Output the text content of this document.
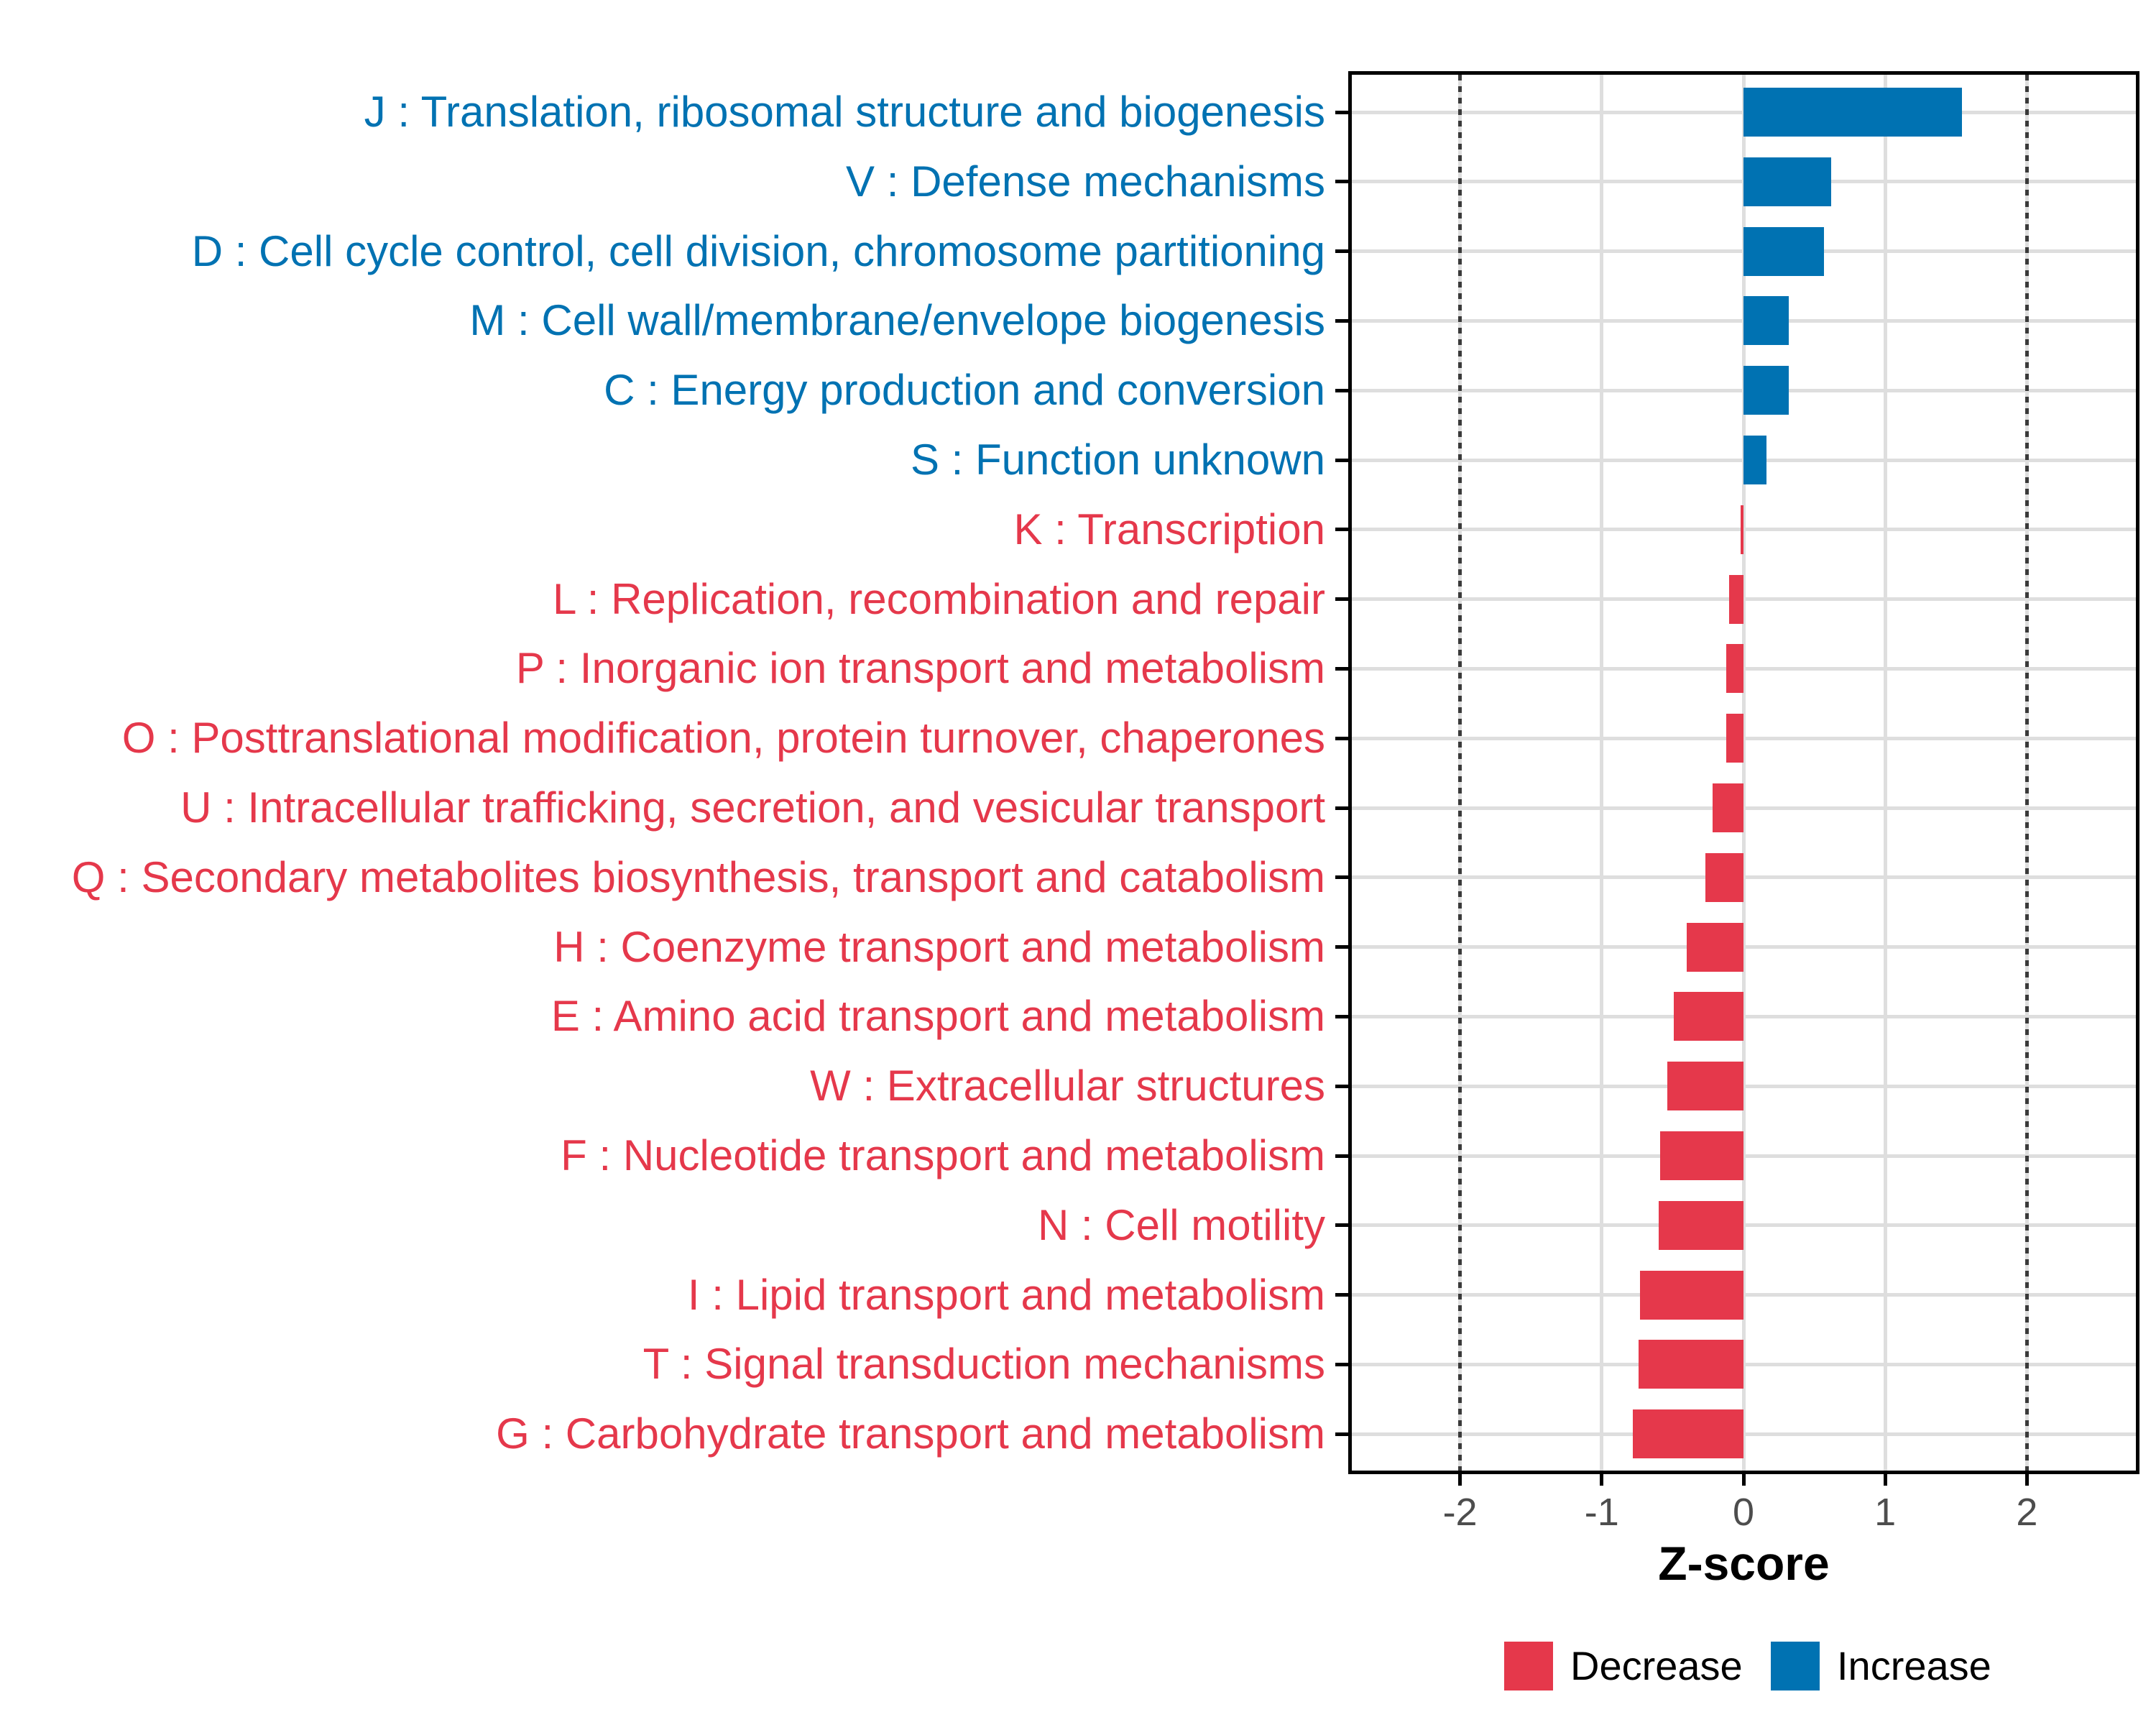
J : Translation, ribosomal structure and biogenesis
V : Defense mechanisms
D : Cell cycle control, cell division, chromosome partitioning
M : Cell wall/membrane/envelope biogenesis
C : Energy production and conversion
S : Function unknown
K : Transcription
L : Replication, recombination and repair
P : Inorganic ion transport and metabolism
O : Posttranslational modification, protein turnover, chaperones
U : Intracellular trafficking, secretion, and vesicular transport
Q : Secondary metabolites biosynthesis, transport and catabolism
H : Coenzyme transport and metabolism
E : Amino acid transport and metabolism
W : Extracellular structures
F : Nucleotide transport and metabolism
N : Cell motility
I : Lipid transport and metabolism
T : Signal transduction mechanisms
G : Carbohydrate transport and metabolism
-2	-1	0	1	2
Z-score
Decrease Increase
